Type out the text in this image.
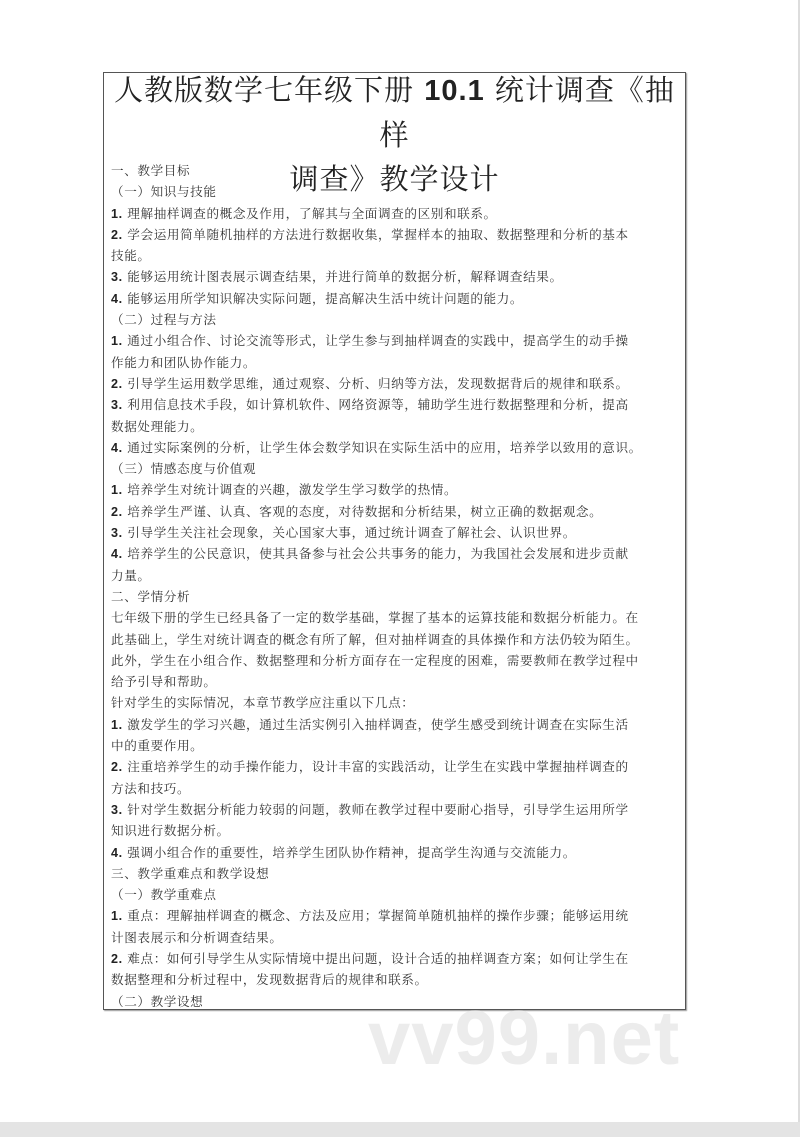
人教版数学七年级下册 10.1 统计调查《抽样
调查》教学设计
一、教学目标
（一）知识与技能
1. 理解抽样调查的概念及作用，了解其与全面调查的区别和联系。
2. 学会运用简单随机抽样的方法进行数据收集，掌握样本的抽取、数据整理和分析的基本
技能。
3. 能够运用统计图表展示调查结果，并进行简单的数据分析，解释调查结果。
4. 能够运用所学知识解决实际问题，提高解决生活中统计问题的能力。
（二）过程与方法
1. 通过小组合作、讨论交流等形式，让学生参与到抽样调查的实践中，提高学生的动手操
作能力和团队协作能力。
2. 引导学生运用数学思维，通过观察、分析、归纳等方法，发现数据背后的规律和联系。
3. 利用信息技术手段，如计算机软件、网络资源等，辅助学生进行数据整理和分析，提高
数据处理能力。
4. 通过实际案例的分析，让学生体会数学知识在实际生活中的应用，培养学以致用的意识。
（三）情感态度与价值观
1. 培养学生对统计调查的兴趣，激发学生学习数学的热情。
2. 培养学生严谨、认真、客观的态度，对待数据和分析结果，树立正确的数据观念。
3. 引导学生关注社会现象，关心国家大事，通过统计调查了解社会、认识世界。
4. 培养学生的公民意识，使其具备参与社会公共事务的能力，为我国社会发展和进步贡献
力量。
二、学情分析
七年级下册的学生已经具备了一定的数学基础，掌握了基本的运算技能和数据分析能力。在
此基础上，学生对统计调查的概念有所了解，但对抽样调查的具体操作和方法仍较为陌生。
此外，学生在小组合作、数据整理和分析方面存在一定程度的困难，需要教师在教学过程中
给予引导和帮助。
针对学生的实际情况，本章节教学应注重以下几点：
1. 激发学生的学习兴趣，通过生活实例引入抽样调查，使学生感受到统计调查在实际生活
中的重要作用。
2. 注重培养学生的动手操作能力，设计丰富的实践活动，让学生在实践中掌握抽样调查的
方法和技巧。
3. 针对学生数据分析能力较弱的问题，教师在教学过程中要耐心指导，引导学生运用所学
知识进行数据分析。
4. 强调小组合作的重要性，培养学生团队协作精神，提高学生沟通与交流能力。
三、教学重难点和教学设想
（一）教学重难点
1. 重点：理解抽样调查的概念、方法及应用；掌握简单随机抽样的操作步骤；能够运用统
计图表展示和分析调查结果。
2. 难点：如何引导学生从实际情境中提出问题，设计合适的抽样调查方案；如何让学生在
数据整理和分析过程中，发现数据背后的规律和联系。
（二）教学设想	vv99.net
